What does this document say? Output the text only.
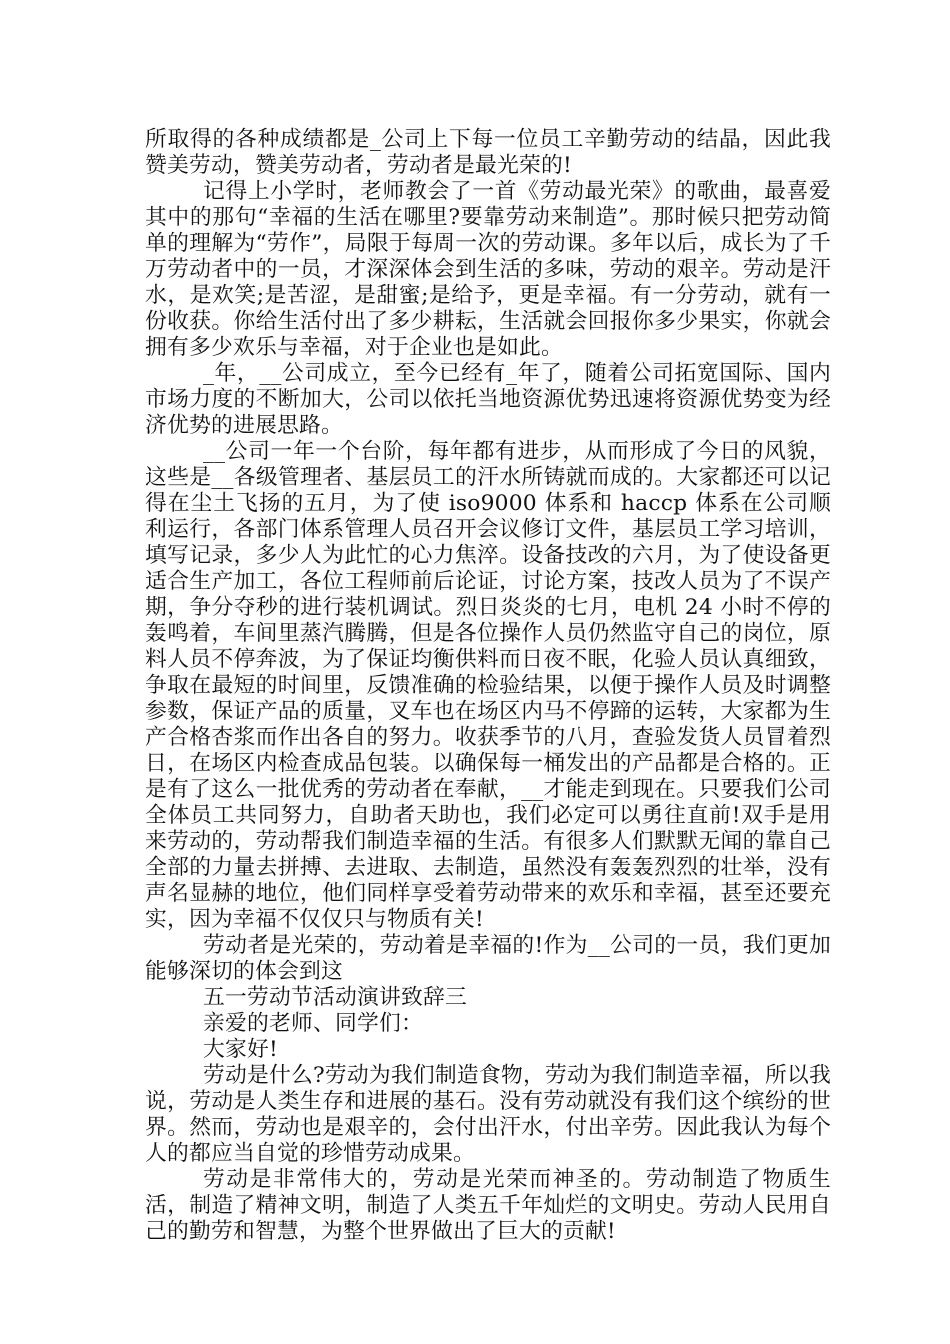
所取得的各种成绩都是_公司上下每一位员工辛勤劳动的结晶，因此我赞美劳动，赞美劳动者，劳动者是最光荣的!

记得上小学时，老师教会了一首《劳动最光荣》的歌曲，最喜爱其中的那句“幸福的生活在哪里?要靠劳动来制造”。那时候只把劳动简单的理解为“劳作”，局限于每周一次的劳动课。多年以后，成长为了千万劳动者中的一员，才深深体会到生活的多味，劳动的艰辛。劳动是汗水，是欢笑;是苦涩，是甜蜜;是给予，更是幸福。有一分劳动，就有一份收获。你给生活付出了多少耕耘，生活就会回报你多少果实，你就会拥有多少欢乐与幸福，对于企业也是如此。

_年，__公司成立，至今已经有_年了，随着公司拓宽国际、国内市场力度的不断加大，公司以依托当地资源优势迅速将资源优势变为经济优势的进展思路。

__公司一年一个台阶，每年都有进步，从而形成了今日的风貌，这些是__各级管理者、基层员工的汗水所铸就而成的。大家都还可以记得在尘土飞扬的五月，为了使 iso9000 体系和 haccp 体系在公司顺利运行，各部门体系管理人员召开会议修订文件，基层员工学习培训，填写记录，多少人为此忙的心力焦淬。设备技改的六月，为了使设备更适合生产加工，各位工程师前后论证，讨论方案，技改人员为了不误产期，争分夺秒的进行装机调试。烈日炎炎的七月，电机 24 小时不停的轰鸣着，车间里蒸汽腾腾，但是各位操作人员仍然监守自己的岗位，原料人员不停奔波，为了保证均衡供料而日夜不眠，化验人员认真细致，争取在最短的时间里，反馈准确的检验结果，以便于操作人员及时调整参数，保证产品的质量，叉车也在场区内马不停蹄的运转，大家都为生产合格杏浆而作出各自的努力。收获季节的八月，查验发货人员冒着烈日，在场区内检查成品包装。以确保每一桶发出的产品都是合格的。正是有了这么一批优秀的劳动者在奉献，__才能走到现在。只要我们公司全体员工共同努力，自助者天助也，我们必定可以勇往直前!双手是用来劳动的，劳动帮我们制造幸福的生活。有很多人们默默无闻的靠自己全部的力量去拼搏、去进取、去制造，虽然没有轰轰烈烈的壮举，没有声名显赫的地位，他们同样享受着劳动带来的欢乐和幸福，甚至还要充实，因为幸福不仅仅只与物质有关!

劳动者是光荣的，劳动着是幸福的!作为__公司的一员，我们更加能够深切的体会到这

五一劳动节活动演讲致辞三

亲爱的老师、同学们：

大家好!

劳动是什么?劳动为我们制造食物，劳动为我们制造幸福，所以我说，劳动是人类生存和进展的基石。没有劳动就没有我们这个缤纷的世界。然而，劳动也是艰辛的，会付出汗水，付出辛劳。因此我认为每个人的都应当自觉的珍惜劳动成果。

劳动是非常伟大的，劳动是光荣而神圣的。劳动制造了物质生活，制造了精神文明，制造了人类五千年灿烂的文明史。劳动人民用自己的勤劳和智慧，为整个世界做出了巨大的贡献!
